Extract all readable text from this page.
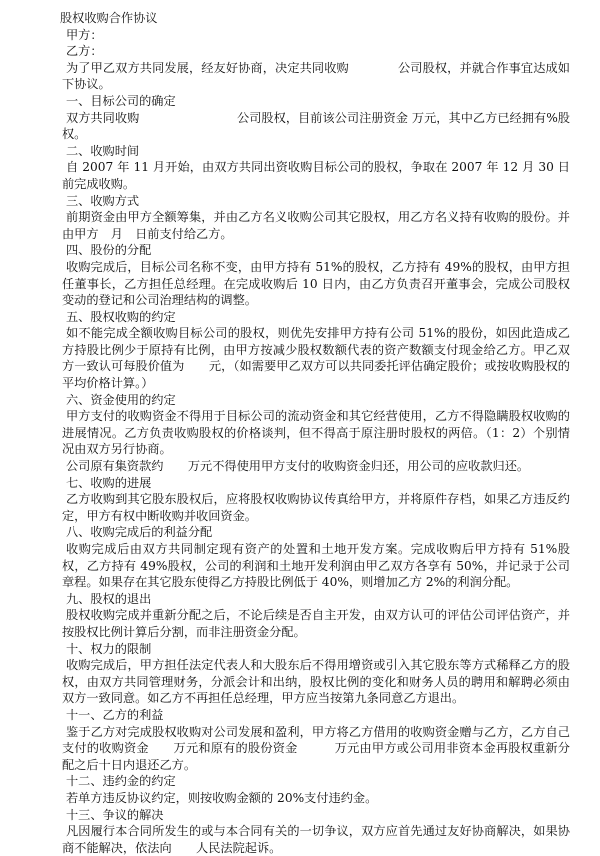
股权收购合作协议

甲方：

乙方：

为了甲乙双方共同发展，经友好协商，决定共同收购　　　　公司股权，并就合作事宜达成如下协议。

一、目标公司的确定

双方共同收购　　　　　　　　公司股权，目前该公司注册资金 万元，其中乙方已经拥有%股权。

二、收购时间

自 2007 年 11 月开始，由双方共同出资收购目标公司的股权，争取在 2007 年 12 月 30 日前完成收购。

三、收购方式

前期资金由甲方全额筹集，并由乙方名义收购公司其它股权，用乙方名义持有收购的股份。并由甲方　月　日前支付给乙方。

四、股份的分配

收购完成后，目标公司名称不变，由甲方持有 51%的股权，乙方持有 49%的股权，由甲方担任董事长，乙方担任总经理。在完成收购后 10 日内，由乙方负责召开董事会，完成公司股权变动的登记和公司治理结构的调整。

五、股权收购的约定

如不能完成全额收购目标公司的股权，则优先安排甲方持有公司 51%的股份，如因此造成乙方持股比例少于原持有比例，由甲方按减少股权数额代表的资产数额支付现金给乙方。甲乙双方一致认可每股价值为　　元，（如需要甲乙双方可以共同委托评估确定股价；或按收购股权的平均价格计算。）

六、资金使用的约定

甲方支付的收购资金不得用于目标公司的流动资金和其它经营使用，乙方不得隐瞒股权收购的进展情况。乙方负责收购股权的价格谈判，但不得高于原注册时股权的两倍。（1：2）个别情况由双方另行协商。

公司原有集资款约　　万元不得使用甲方支付的收购资金归还，用公司的应收款归还。

七、收购的进展

乙方收购到其它股东股权后，应将股权收购协议传真给甲方，并将原件存档，如果乙方违反约定，甲方有权中断收购并收回资金。

八、收购完成后的利益分配

收购完成后由双方共同制定现有资产的处置和土地开发方案。完成收购后甲方持有 51%股权，乙方持有 49%股权，公司的利润和土地开发利润由甲乙双方各享有 50%，并记录于公司章程。如果存在其它股东使得乙方持股比例低于 40%，则增加乙方 2%的利润分配。

九、股权的退出

股权收购完成并重新分配之后，不论后续是否自主开发，由双方认可的评估公司评估资产，并按股权比例计算后分割，而非注册资金分配。

十、权力的限制

收购完成后，甲方担任法定代表人和大股东后不得用增资或引入其它股东等方式稀释乙方的股权，由双方共同管理财务，分派会计和出纳，股权比例的变化和财务人员的聘用和解聘必须由双方一致同意。如乙方不再担任总经理，甲方应当按第九条同意乙方退出。

十一、乙方的利益

鉴于乙方对完成股权收购对公司发展和盈利，甲方将乙方借用的收购资金赠与乙方，乙方自己支付的收购资金　　万元和原有的股份资金　　　万元由甲方或公司用非资本金再股权重新分配之后十日内退还乙方。

十二、违约金的约定

若单方违反协议约定，则按收购金额的 20%支付违约金。

十三、争议的解决

凡因履行本合同所发生的或与本合同有关的一切争议，双方应首先通过友好协商解决，如果协商不能解决，依法向　　人民法院起诉。
